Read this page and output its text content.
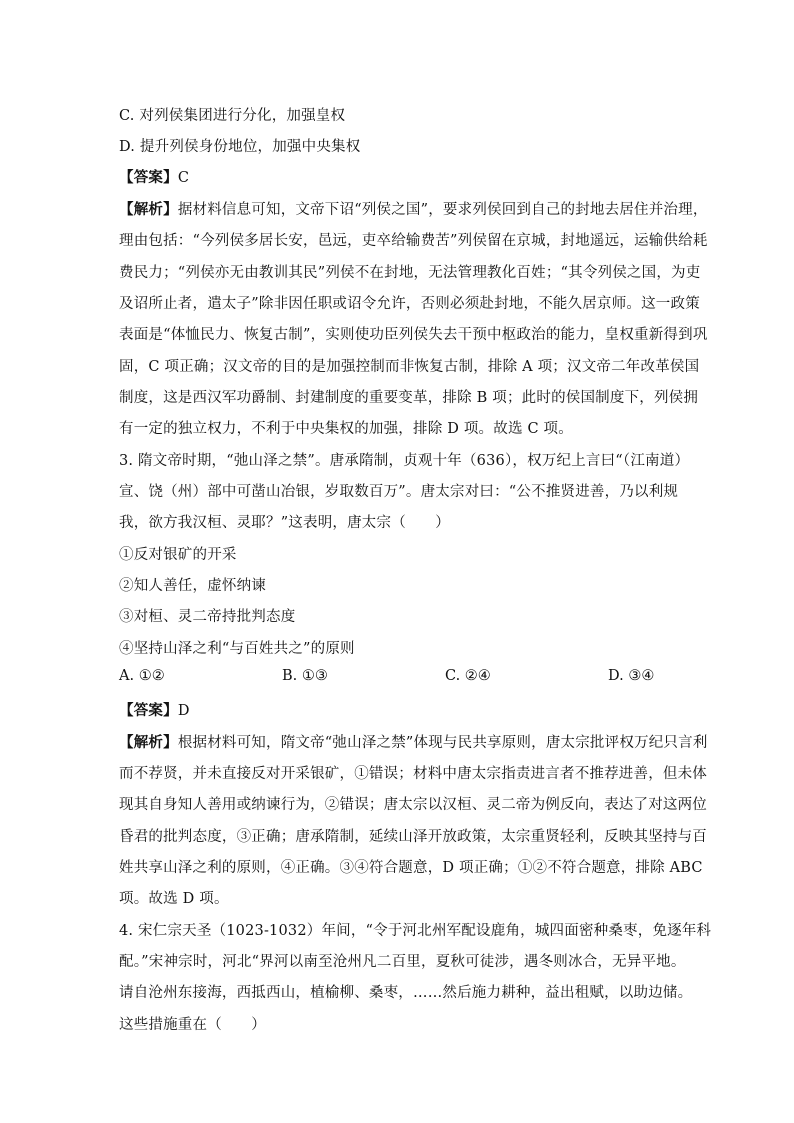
C. 对列侯集团进行分化，加强皇权
D. 提升列侯身份地位，加强中央集权
【答案】C
【解析】据材料信息可知，文帝下诏“列侯之国”，要求列侯回到自己的封地去居住并治理，
理由包括：“今列侯多居长安，邑远，吏卒给输费苦”列侯留在京城，封地遥远，运输供给耗
费民力；“列侯亦无由教训其民”列侯不在封地，无法管理教化百姓；“其令列侯之国，为吏
及诏所止者，遣太子”除非因任职或诏令允许，否则必须赴封地，不能久居京师。这一政策
表面是“体恤民力、恢复古制”，实则使功臣列侯失去干预中枢政治的能力，皇权重新得到巩
固，C 项正确；汉文帝的目的是加强控制而非恢复古制，排除 A 项；汉文帝二年改革侯国
制度，这是西汉军功爵制、封建制度的重要变革，排除 B 项；此时的侯国制度下，列侯拥
有一定的独立权力，不利于中央集权的加强，排除 D 项。故选 C 项。
3. 隋文帝时期，“弛山泽之禁”。唐承隋制，贞观十年（636），权万纪上言曰“（江南道）
宣、饶（州）部中可凿山冶银，岁取数百万”。唐太宗对曰：“公不推贤进善，乃以利规
我，欲方我汉桓、灵耶？”这表明，唐太宗（　　）
①反对银矿的开采
②知人善任，虚怀纳谏
③对桓、灵二帝持批判态度
④坚持山泽之利“与百姓共之”的原则
A. ①②	B. ①③	C. ②④	D. ③④
【答案】D
【解析】根据材料可知，隋文帝“弛山泽之禁”体现与民共享原则，唐太宗批评权万纪只言利
而不荐贤，并未直接反对开采银矿，①错误；材料中唐太宗指责进言者不推荐进善，但未体
现其自身知人善用或纳谏行为，②错误；唐太宗以汉桓、灵二帝为例反向，表达了对这两位
昏君的批判态度，③正确；唐承隋制，延续山泽开放政策，太宗重贤轻利，反映其坚持与百
姓共享山泽之利的原则，④正确。③④符合题意，D 项正确；①②不符合题意，排除 ABC
项。故选 D 项。
4. 宋仁宗天圣（1023-1032）年间，“令于河北州军配设鹿角，城四面密种桑枣，免逐年科
配。”宋神宗时，河北“界河以南至沧州凡二百里，夏秋可徒涉，遇冬则冰合，无异平地。
请自沧州东接海，西抵西山，植榆柳、桑枣，……然后施力耕种，益出租赋，以助边储。
这些措施重在（　　）
